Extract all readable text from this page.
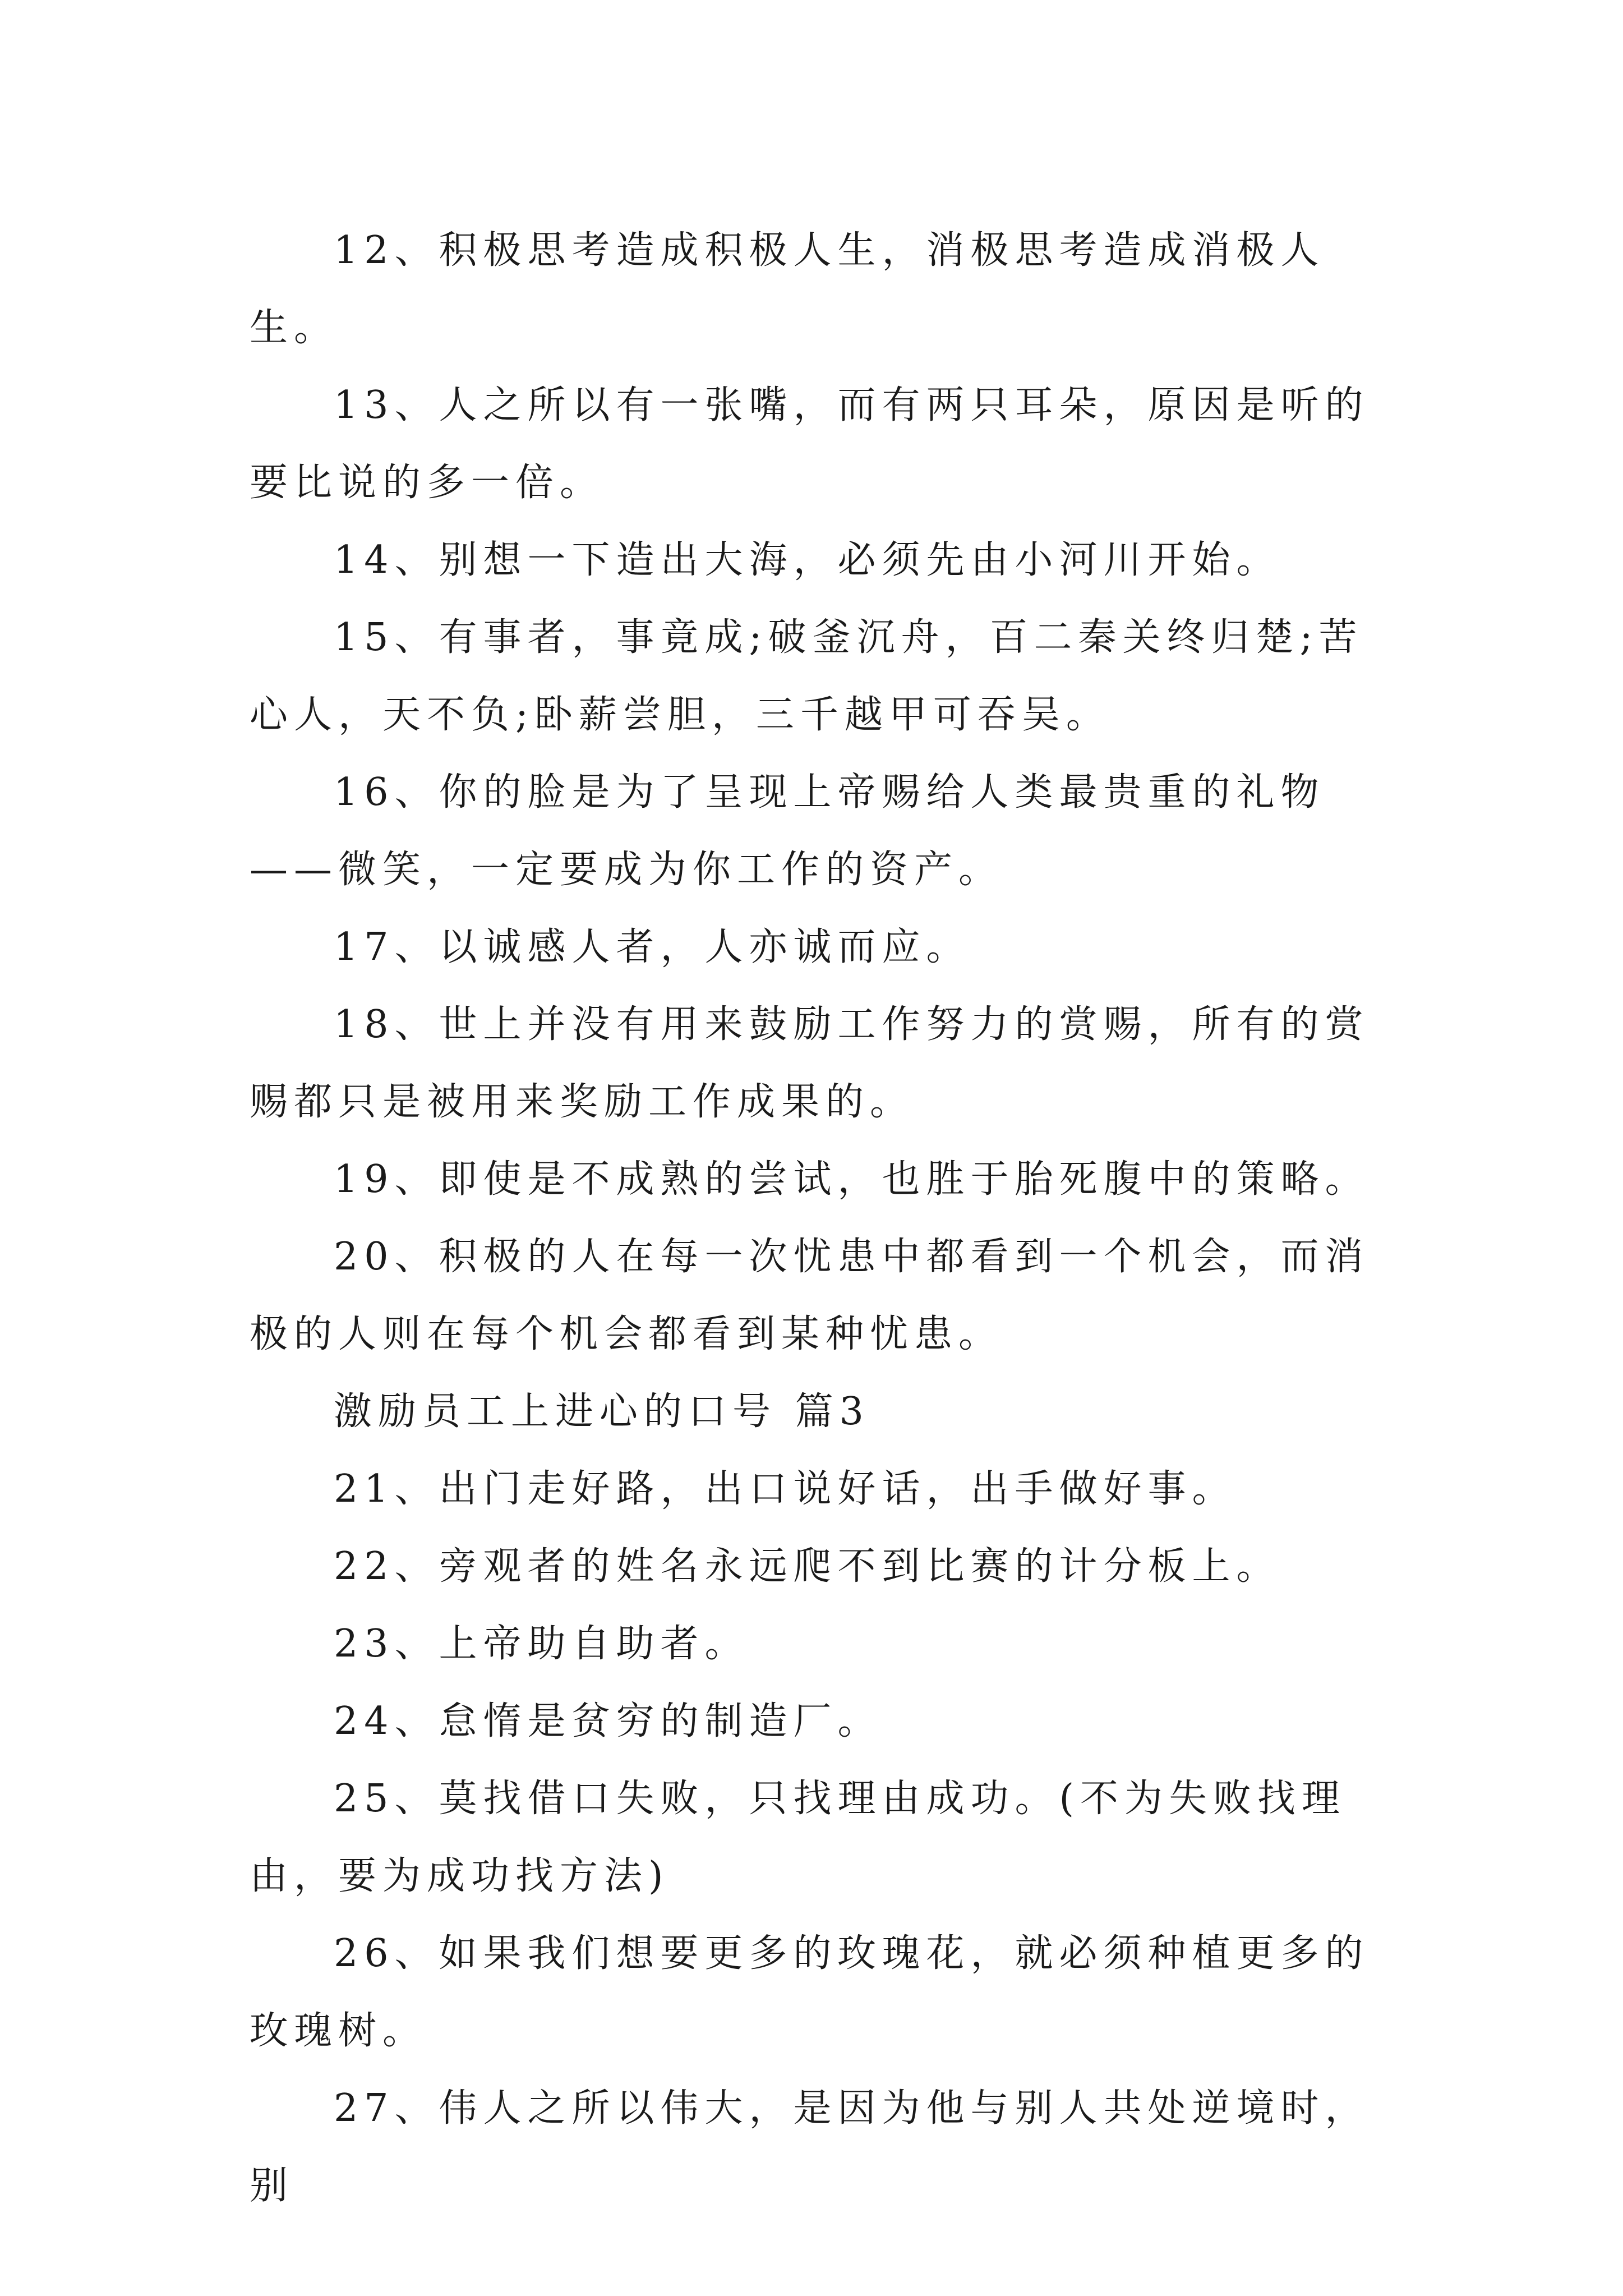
12、积极思考造成积极人生，消极思考造成消极人生。

13、人之所以有一张嘴，而有两只耳朵，原因是听的要比说的多一倍。

14、别想一下造出大海，必须先由小河川开始。

15、有事者，事竟成;破釜沉舟，百二秦关终归楚;苦心人，天不负;卧薪尝胆，三千越甲可吞吴。

16、你的脸是为了呈现上帝赐给人类最贵重的礼物——微笑，一定要成为你工作的资产。

17、以诚感人者，人亦诚而应。

18、世上并没有用来鼓励工作努力的赏赐，所有的赏赐都只是被用来奖励工作成果的。

19、即使是不成熟的尝试，也胜于胎死腹中的策略。

20、积极的人在每一次忧患中都看到一个机会，而消极的人则在每个机会都看到某种忧患。

激励员工上进心的口号 篇3

21、出门走好路，出口说好话，出手做好事。

22、旁观者的姓名永远爬不到比赛的计分板上。

23、上帝助自助者。

24、怠惰是贫穷的制造厂。

25、莫找借口失败，只找理由成功。(不为失败找理由，要为成功找方法)

26、如果我们想要更多的玫瑰花，就必须种植更多的玫瑰树。

27、伟人之所以伟大，是因为他与别人共处逆境时，别
